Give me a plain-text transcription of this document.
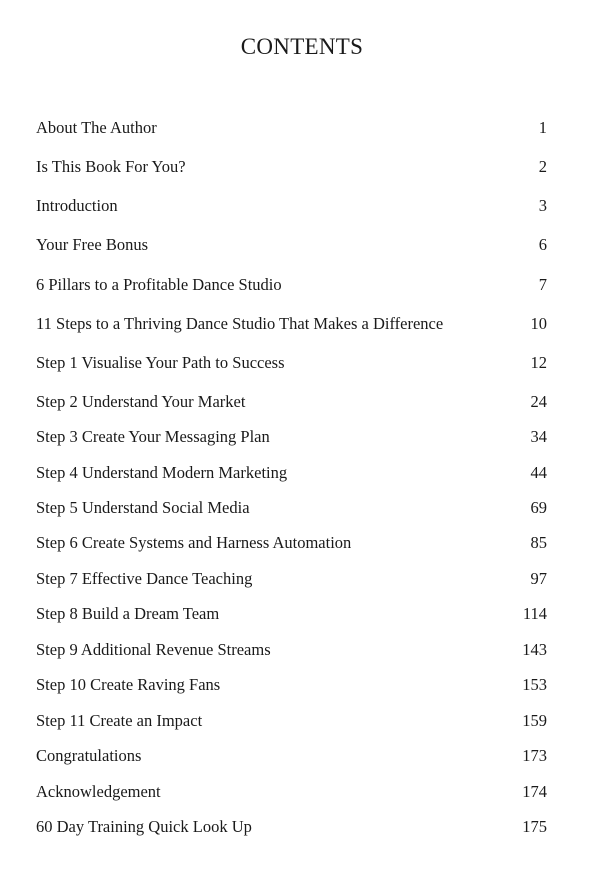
CONTENTS
About The Author	1
Is This Book For You?	2
Introduction	3
Your Free Bonus	6
6 Pillars to a Profitable Dance Studio	7
11 Steps to a Thriving Dance Studio That Makes a Difference	10
Step 1 Visualise Your Path to Success	12
Step 2 Understand Your Market	24
Step 3 Create Your Messaging Plan	34
Step 4 Understand Modern Marketing	44
Step 5 Understand Social Media	69
Step 6 Create Systems and Harness Automation	85
Step 7 Effective Dance Teaching	97
Step 8 Build a Dream Team	114
Step 9 Additional Revenue Streams	143
Step 10 Create Raving Fans	153
Step 11 Create an Impact	159
Congratulations	173
Acknowledgement	174
60 Day Training Quick Look Up	175
